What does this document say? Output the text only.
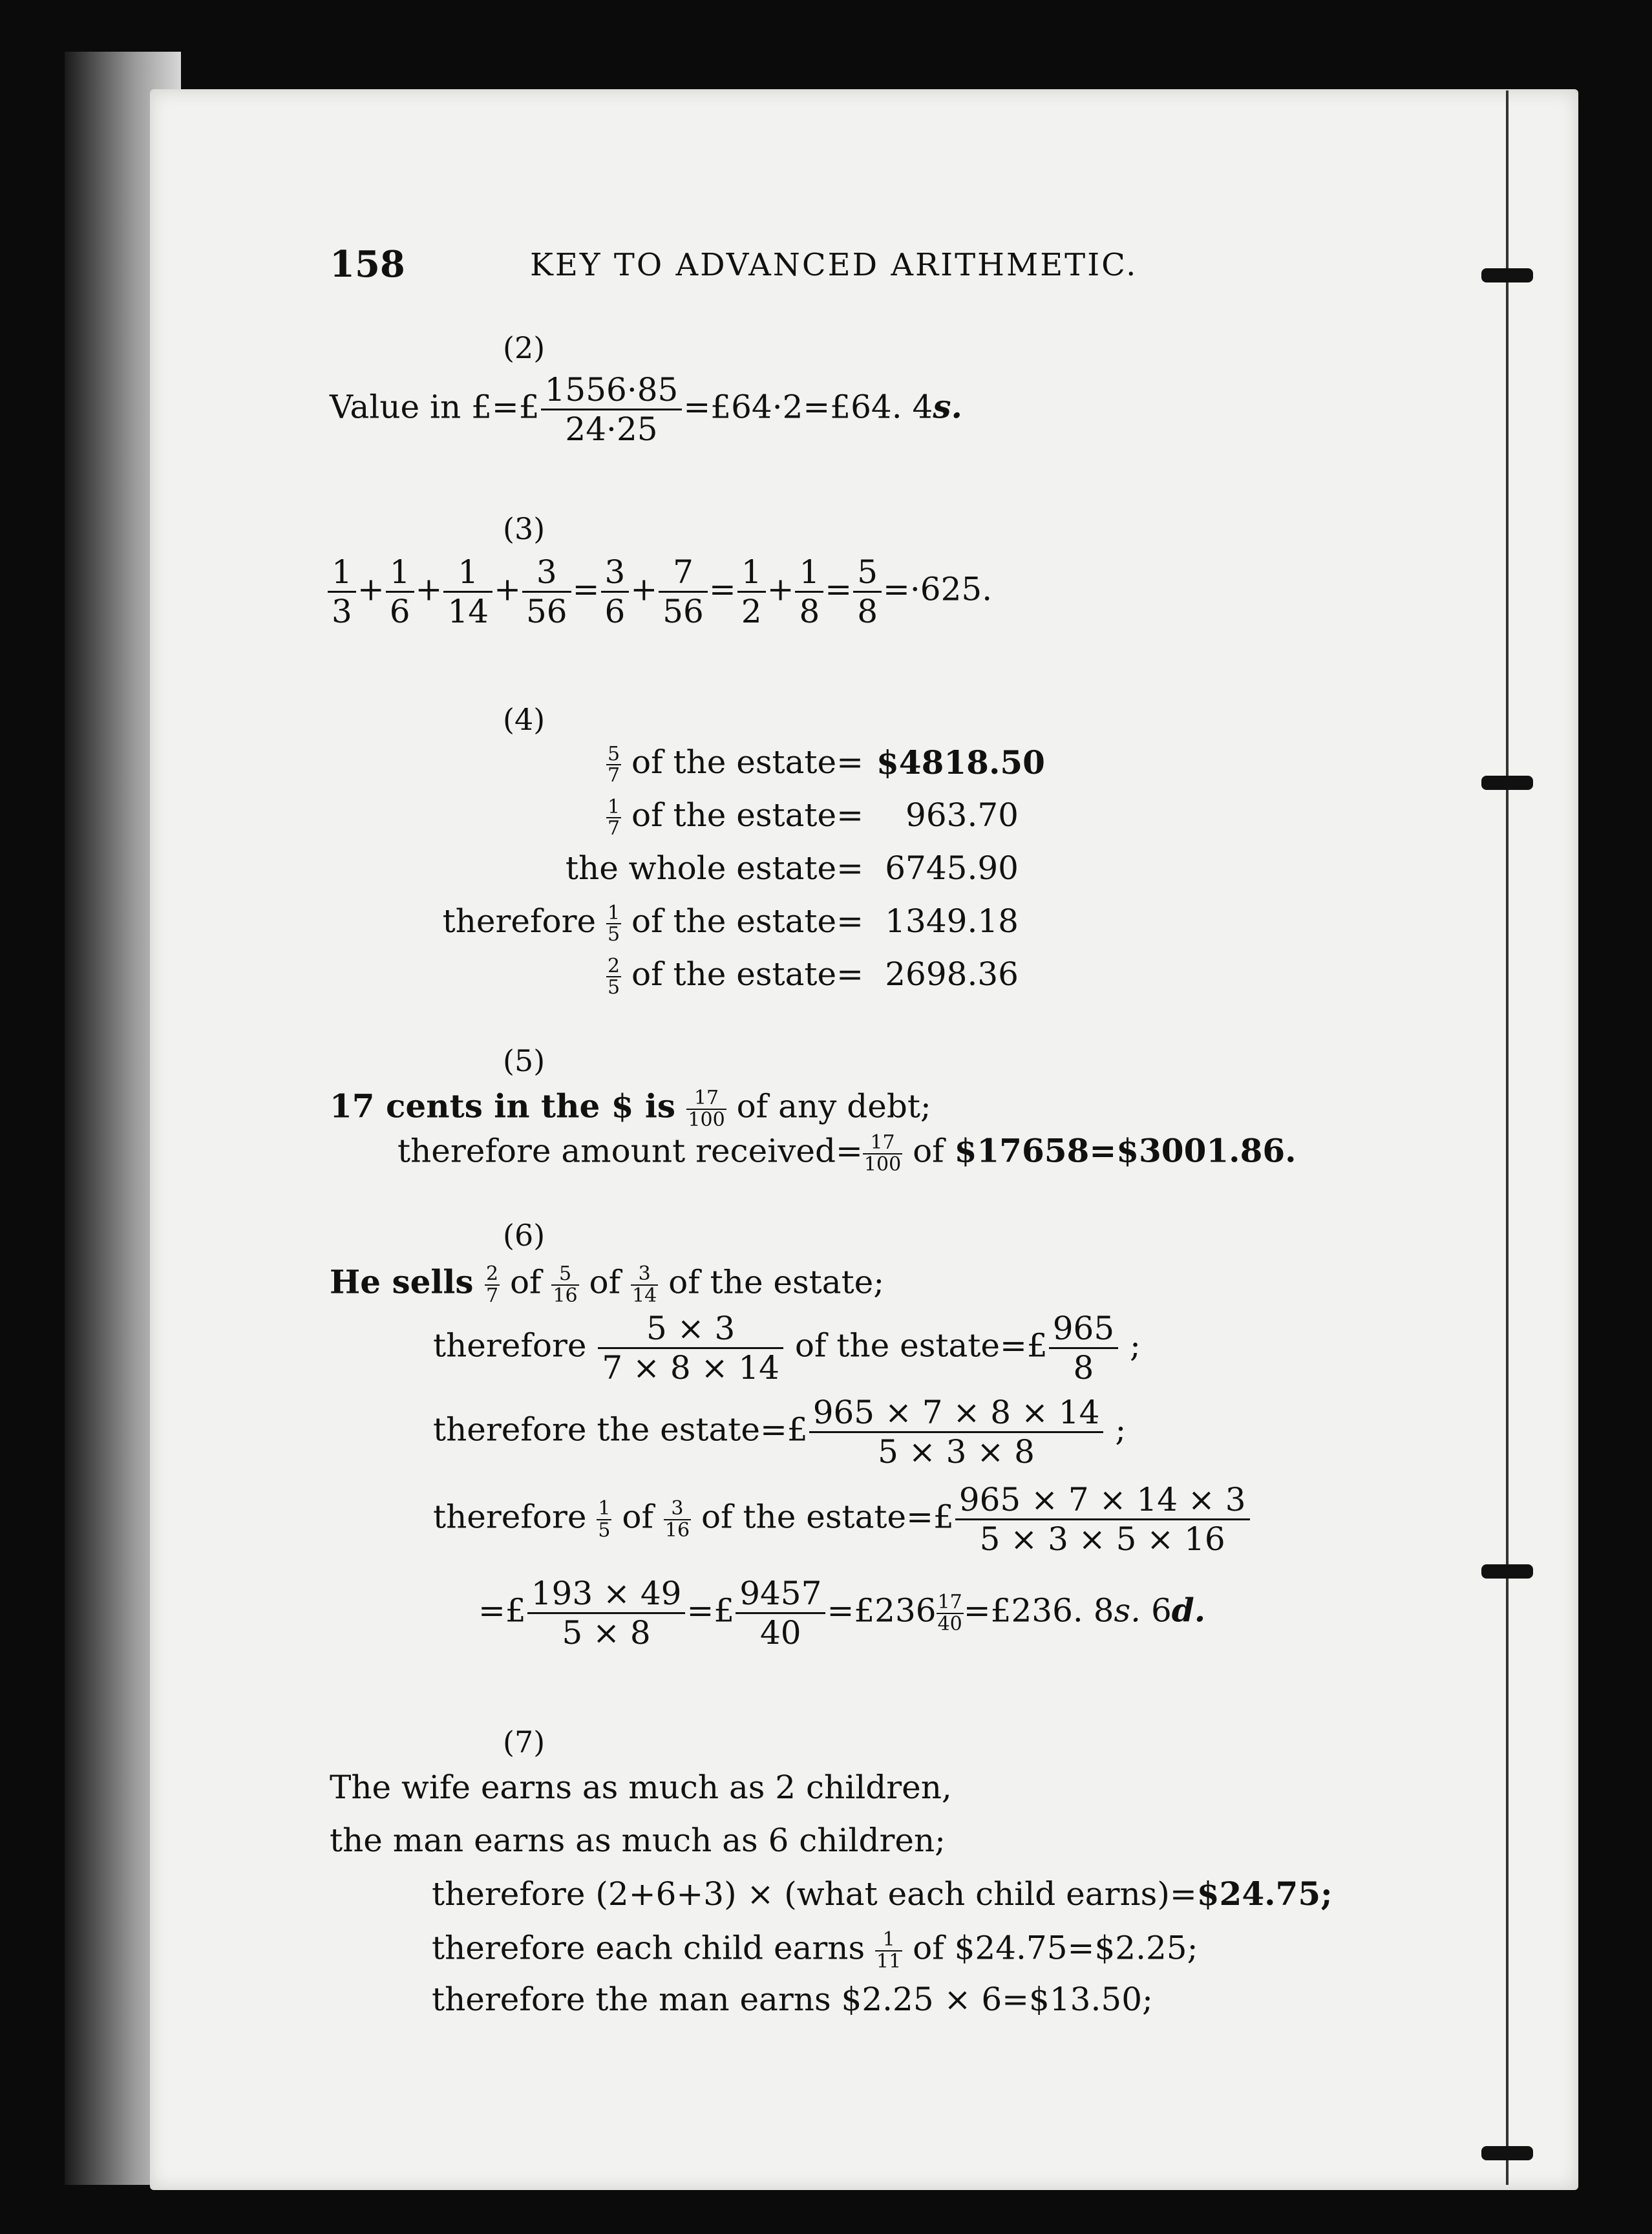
158	KEY TO ADVANCED ARITHMETIC.
(2)
Value in £=£ $\frac{1556\cdot 85}{24\cdot 25}$ =£64·2=£64. 4s.
(3)
$\frac{1}{3} + \frac{1}{6} + \frac{1}{14} + \frac{3}{56} = \frac{3}{6} + \frac{7}{56} = \frac{1}{2} + \frac{1}{8} = \frac{5}{8} =\cdot 625$.
(4)
$\frac{5}{7}$ of the estate= $4818.50
$\frac{1}{7}$ of the estate=	963.70
the whole estate= 6745.90
therefore $\frac{1}{5}$ of the estate= 1349.18
$\frac{2}{5}$ of the estate= 2698.36
(5)
17 cents in the $ is $\frac{17}{100}$ of any debt;
therefore amount received= $\frac{17}{100}$ of $17658=$3001.86.
(6)
He sells $\frac{2}{7}$ of $\frac{5}{16}$ of $\frac{3}{14}$ of the estate;
therefore $\frac{5 \times 3}{7 \times 8 \times 14}$ of the estate=£ $\frac{965}{8}$ ;
therefore the estate=£ $\frac{965 \times 7 \times 8 \times 14}{5 \times 3 \times 8}$ ;
therefore $\frac{1}{5}$ of $\frac{3}{16}$ of the estate=£ $\frac{965 \times 7 \times 14 \times 3}{5 \times 3 \times 5 \times 16}$
=£ $\frac{193 \times 49}{5 \times 8}$ =£ $\frac{9457}{40}$ =£236 $\frac{17}{40}$ =£236. 8s. 6d.
(7)
The wife earns as much as 2 children,
the man earns as much as 6 children;
therefore (2+6+3) × (what each child earns)=$24.75;
therefore each child earns $\frac{1}{11}$ of $24.75=$2.25;
therefore the man earns $2.25 × 6=$13.50;
